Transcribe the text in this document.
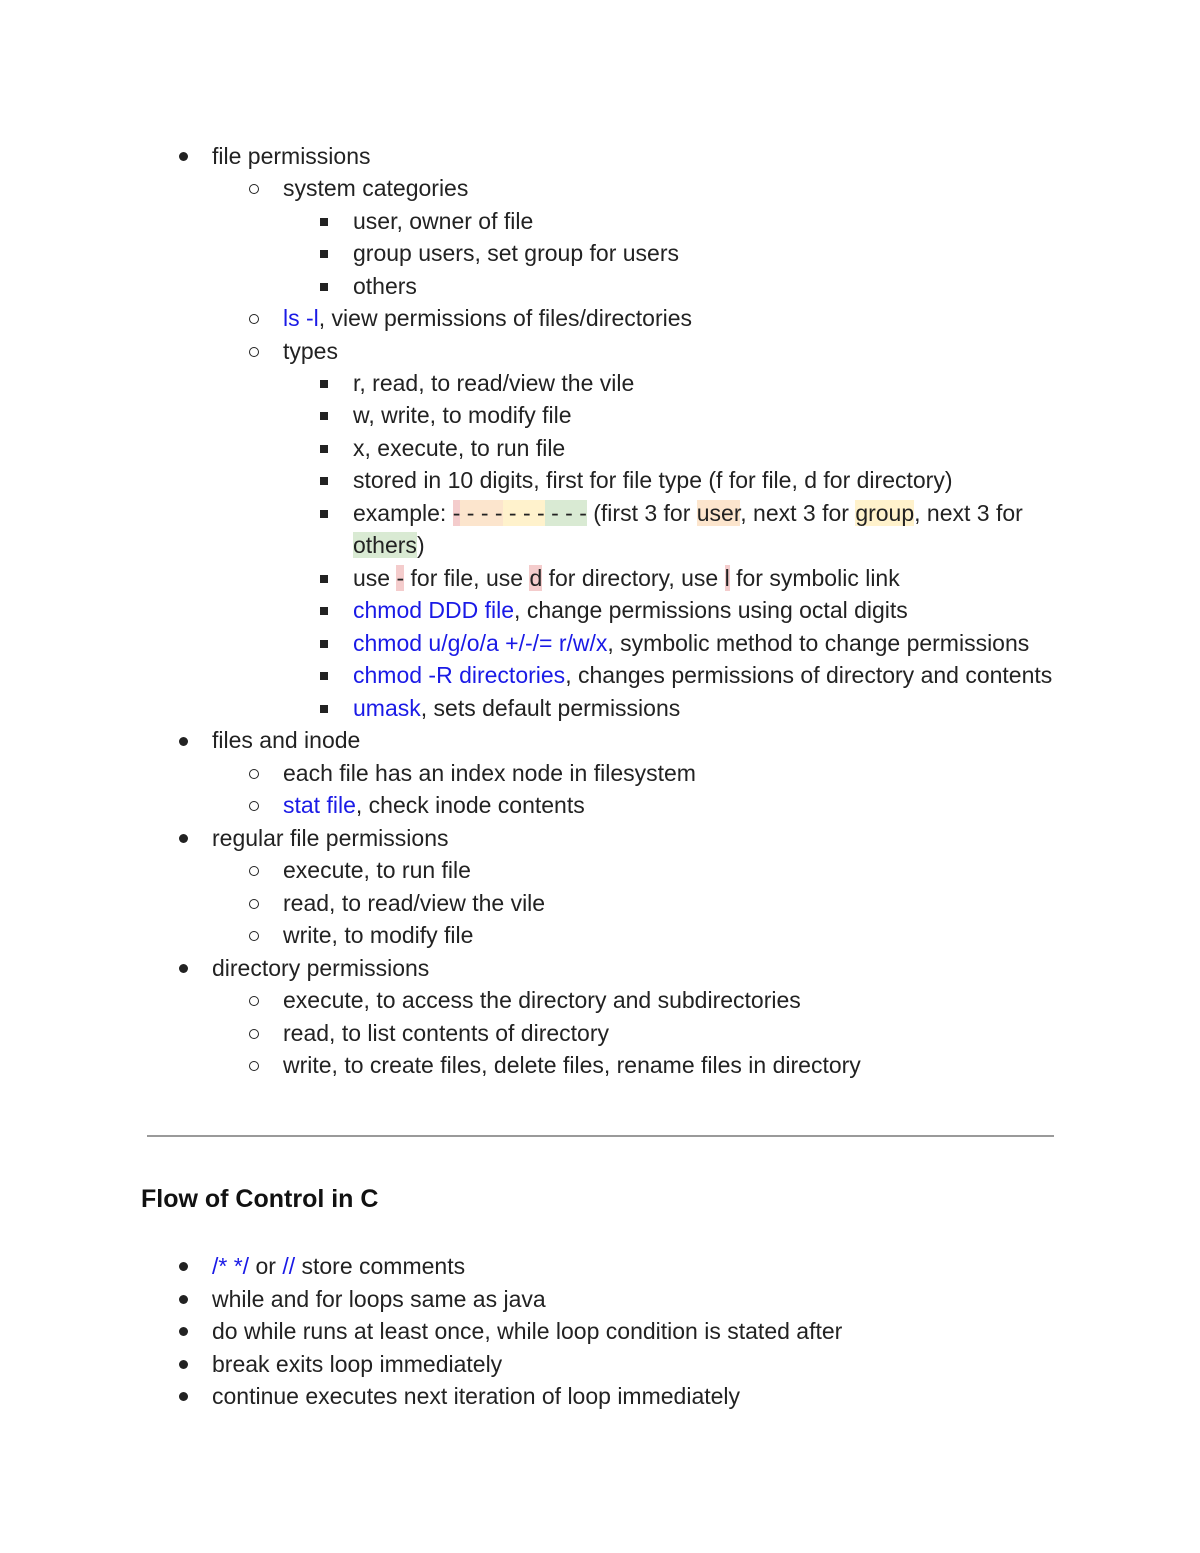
file permissions
system categories
user, owner of file
group users, set group for users
others
ls -l, view permissions of files/directories
types
r, read, to read/view the vile
w, write, to modify file
x, execute, to run file
stored in 10 digits, first for file type (f for file, d for directory)
example: - - - - - - - - - - (first 3 for user, next 3 for group, next 3 for
others)
use - for file, use d for directory, use l for symbolic link
chmod DDD file, change permissions using octal digits
chmod u/g/o/a +/-/= r/w/x, symbolic method to change permissions
chmod -R directories, changes permissions of directory and contents
umask, sets default permissions
files and inode
each file has an index node in filesystem
stat file, check inode contents
regular file permissions
execute, to run file
read, to read/view the vile
write, to modify file
directory permissions
execute, to access the directory and subdirectories
read, to list contents of directory
write, to create files, delete files, rename files in directory
Flow of Control in C
/* */ or // store comments
while and for loops same as java
do while runs at least once, while loop condition is stated after
break exits loop immediately
continue executes next iteration of loop immediately
